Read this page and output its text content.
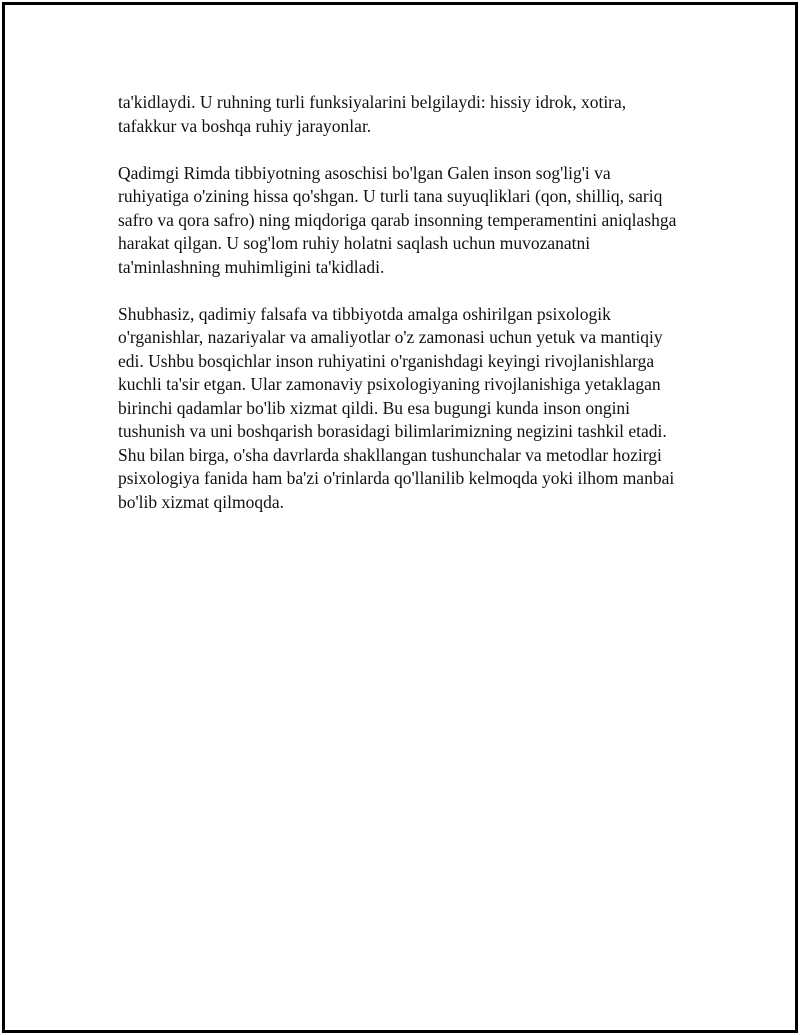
ta'kidlaydi. U ruhning turli funksiyalarini belgilaydi: hissiy idrok, xotira, tafakkur va boshqa ruhiy jarayonlar.

Qadimgi Rimda tibbiyotning asoschisi bo'lgan Galen inson sog'lig'i va ruhiyatiga o'zining hissa qo'shgan. U turli tana suyuqliklari (qon, shilliq, sariq safro va qora safro) ning miqdoriga qarab insonning temperamentini aniqlashga harakat qilgan. U sog'lom ruhiy holatni saqlash uchun muvozanatni ta'minlashning muhimligini ta'kidladi.

Shubhasiz, qadimiy falsafa va tibbiyotda amalga oshirilgan psixologik o'rganishlar, nazariyalar va amaliyotlar o'z zamonasi uchun yetuk va mantiqiy edi. Ushbu bosqichlar inson ruhiyatini o'rganishdagi keyingi rivojlanishlarga kuchli ta'sir etgan. Ular zamonaviy psixologiyaning rivojlanishiga yetaklagan birinchi qadamlar bo'lib xizmat qildi. Bu esa bugungi kunda inson ongini tushunish va uni boshqarish borasidagi bilimlarimizning negizini tashkil etadi. Shu bilan birga, o'sha davrlarda shakllangan tushunchalar va metodlar hozirgi psixologiya fanida ham ba'zi o'rinlarda qo'llanilib kelmoqda yoki ilhom manbai bo'lib xizmat qilmoqda.
